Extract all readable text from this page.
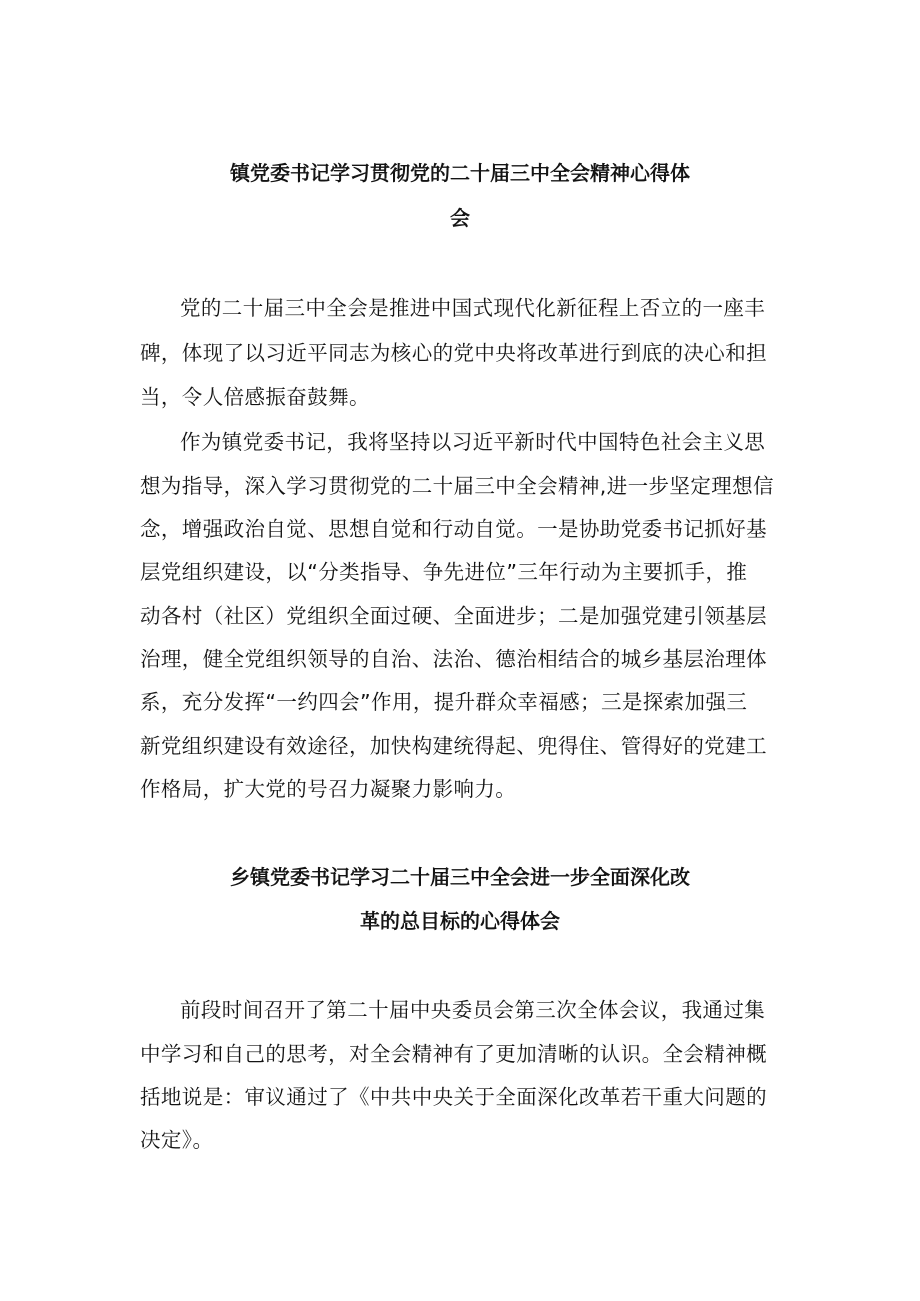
镇党委书记学习贯彻党的二十届三中全会精神心得体

会

党的二十届三中全会是推进中国式现代化新征程上否立的一座丰

碑，体现了以习近平同志为核心的党中央将改革进行到底的决心和担

当，令人倍感振奋鼓舞。

作为镇党委书记，我将坚持以习近平新时代中国特色社会主义思

想为指导，深入学习贯彻党的二十届三中全会精神,进一步坚定理想信

念，增强政治自觉、思想自觉和行动自觉。一是协助党委书记抓好基

层党组织建设，以“分类指导、争先进位”三年行动为主要抓手，推

动各村（社区）党组织全面过硬、全面进步；二是加强党建引领基层

治理，健全党组织领导的自治、法治、德治相结合的城乡基层治理体

系，充分发挥“一约四会”作用，提升群众幸福感；三是探索加强三

新党组织建设有效途径，加快构建统得起、兜得住、管得好的党建工

作格局，扩大党的号召力凝聚力影响力。

乡镇党委书记学习二十届三中全会进一步全面深化改

革的总目标的心得体会

前段时间召开了第二十届中央委员会第三次全体会议，我通过集

中学习和自己的思考，对全会精神有了更加清晰的认识。全会精神概

括地说是：审议通过了《中共中央关于全面深化改革若干重大问题的

决定》。
